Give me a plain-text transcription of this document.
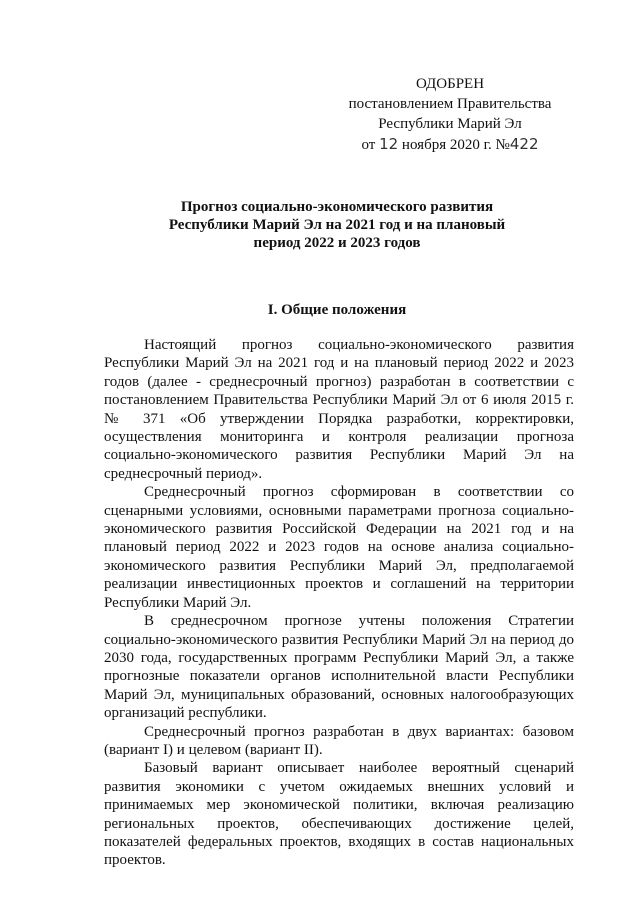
ОДОБРЕН
постановлением Правительства
Республики Марий Эл
от 12 ноября 2020 г. №422
Прогноз социально-экономического развития
Республики Марий Эл на 2021 год и на плановый
период 2022 и 2023 годов
I. Общие положения

Настоящий прогноз социально-экономического развития Республики Марий Эл на 2021 год и на плановый период 2022 и 2023 годов (далее - среднесрочный прогноз) разработан в соответствии с постановлением Правительства Республики Марий Эл от 6 июля 2015 г. № 371 «Об утверждении Порядка разработки, корректировки, осуществления мониторинга и контроля реализации прогноза социально-экономического развития Республики Марий Эл на среднесрочный период».

Среднесрочный прогноз сформирован в соответствии со сценарными условиями, основными параметрами прогноза социально-экономического развития Российской Федерации на 2021 год и на плановый период 2022 и 2023 годов на основе анализа социально-экономического развития Республики Марий Эл, предполагаемой реализации инвестиционных проектов и соглашений на территории Республики Марий Эл.

В среднесрочном прогнозе учтены положения Стратегии социально-экономического развития Республики Марий Эл на период до 2030 года, государственных программ Республики Марий Эл, а также прогнозные показатели органов исполнительной власти Республики Марий Эл, муниципальных образований, основных налогообразующих организаций республики.

Среднесрочный прогноз разработан в двух вариантах: базовом (вариант I) и целевом (вариант II).

Базовый вариант описывает наиболее вероятный сценарий развития экономики с учетом ожидаемых внешних условий и принимаемых мер экономической политики, включая реализацию региональных проектов, обеспечивающих достижение целей, показателей федеральных проектов, входящих в состав национальных проектов.
